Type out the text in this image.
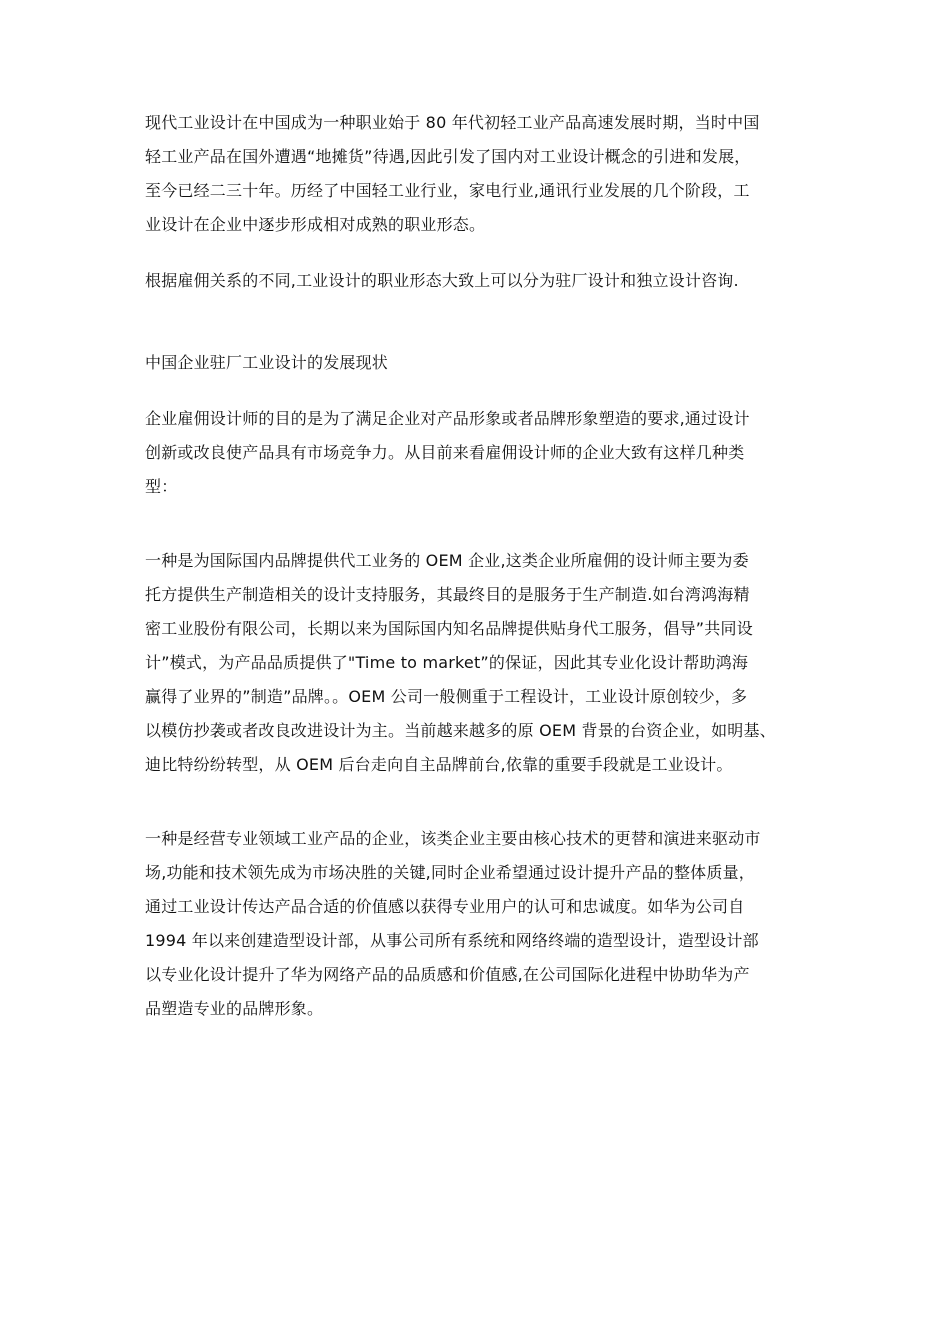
现代工业设计在中国成为一种职业始于 80 年代初轻工业产品高速发展时期，当时中国
轻工业产品在国外遭遇“地摊货”待遇,因此引发了国内对工业设计概念的引进和发展，
至今已经二三十年。历经了中国轻工业行业，家电行业,通讯行业发展的几个阶段，工
业设计在企业中逐步形成相对成熟的职业形态。

根据雇佣关系的不同,工业设计的职业形态大致上可以分为驻厂设计和独立设计咨询.

中国企业驻厂工业设计的发展现状

企业雇佣设计师的目的是为了满足企业对产品形象或者品牌形象塑造的要求,通过设计
创新或改良使产品具有市场竞争力。从目前来看雇佣设计师的企业大致有这样几种类
型：

一种是为国际国内品牌提供代工业务的 OEM 企业,这类企业所雇佣的设计师主要为委
托方提供生产制造相关的设计支持服务，其最终目的是服务于生产制造.如台湾鸿海精
密工业股份有限公司，长期以来为国际国内知名品牌提供贴身代工服务，倡导”共同设
计”模式，为产品品质提供了"Time to market”的保证，因此其专业化设计帮助鸿海
赢得了业界的”制造”品牌。。OEM 公司一般侧重于工程设计，工业设计原创较少，多
以模仿抄袭或者改良改进设计为主。当前越来越多的原 OEM 背景的台资企业，如明基、
迪比特纷纷转型，从 OEM 后台走向自主品牌前台,依靠的重要手段就是工业设计。

一种是经营专业领域工业产品的企业，该类企业主要由核心技术的更替和演进来驱动市
场,功能和技术领先成为市场决胜的关键,同时企业希望通过设计提升产品的整体质量，
通过工业设计传达产品合适的价值感以获得专业用户的认可和忠诚度。如华为公司自
1994 年以来创建造型设计部，从事公司所有系统和网络终端的造型设计，造型设计部
以专业化设计提升了华为网络产品的品质感和价值感,在公司国际化进程中协助华为产
品塑造专业的品牌形象。
